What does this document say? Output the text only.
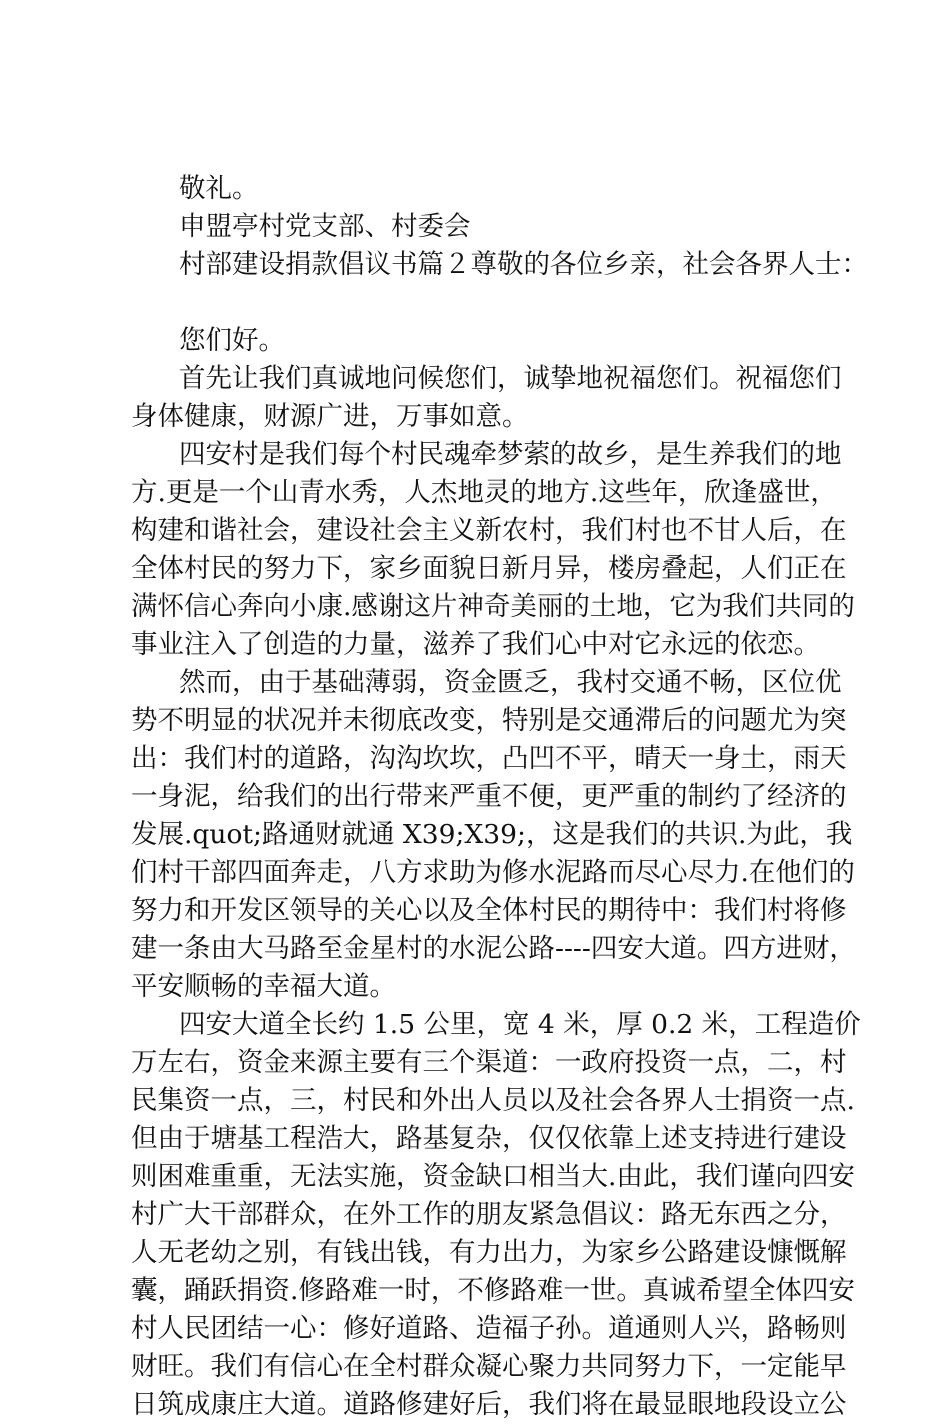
敬礼。
申盟亭村党支部、村委会
村部建设捐款倡议书篇２尊敬的各位乡亲，社会各界人士：
您们好。
首先让我们真诚地问候您们，诚挚地祝福您们。祝福您们
身体健康，财源广进，万事如意。
四安村是我们每个村民魂牵梦萦的故乡，是生养我们的地
方.更是一个山青水秀，人杰地灵的地方.这些年，欣逢盛世，
构建和谐社会，建设社会主义新农村，我们村也不甘人后，在
全体村民的努力下，家乡面貌日新月异，楼房叠起，人们正在
满怀信心奔向小康.感谢这片神奇美丽的土地，它为我们共同的
事业注入了创造的力量，滋养了我们心中对它永远的依恋。
然而，由于基础薄弱，资金匮乏，我村交通不畅，区位优
势不明显的状况并未彻底改变，特别是交通滞后的问题尤为突
出：我们村的道路，沟沟坎坎，凸凹不平，晴天一身土，雨天
一身泥，给我们的出行带来严重不便，更严重的制约了经济的
发展.quot;路通财就通 X39;X39;，这是我们的共识.为此，我
们村干部四面奔走，八方求助为修水泥路而尽心尽力.在他们的
努力和开发区领导的关心以及全体村民的期待中：我们村将修
建一条由大马路至金星村的水泥公路----四安大道。四方进财，
平安顺畅的幸福大道。
四安大道全长约 1.5 公里，宽 4 米，厚 0.2 米，工程造价
万左右，资金来源主要有三个渠道：一政府投资一点，二，村
民集资一点，三，村民和外出人员以及社会各界人士捐资一点.
但由于塘基工程浩大，路基复杂，仅仅依靠上述支持进行建设
则困难重重，无法实施，资金缺口相当大.由此，我们谨向四安
村广大干部群众，在外工作的朋友紧急倡议：路无东西之分，
人无老幼之别，有钱出钱，有力出力，为家乡公路建设慷慨解
囊，踊跃捐资.修路难一时，不修路难一世。真诚希望全体四安
村人民团结一心：修好道路、造福子孙。道通则人兴，路畅则
财旺。我们有信心在全村群众凝心聚力共同努力下，一定能早
日筑成康庄大道。道路修建好后，我们将在最显眼地段设立公
